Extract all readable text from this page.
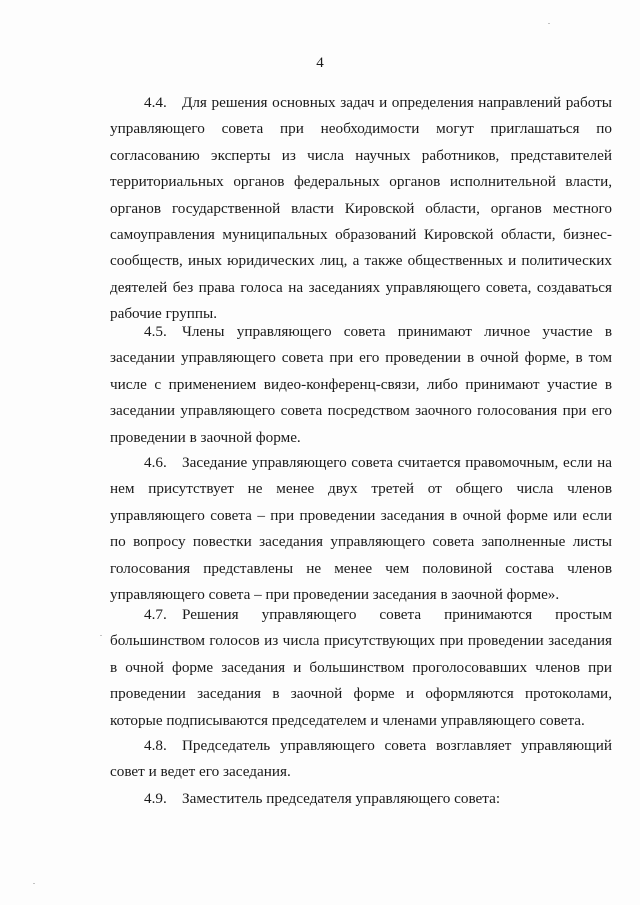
4

4.4. Для решения основных задач и определения направлений работы управляющего совета при необходимости могут приглашаться по согласованию эксперты из числа научных работников, представителей территориальных органов федеральных органов исполнительной власти, органов государственной власти Кировской области, органов местного самоуправления муниципальных образований Кировской области, бизнес-сообществ, иных юридических лиц, а также общественных и политических деятелей без права голоса на заседаниях управляющего совета, создаваться рабочие группы.

4.5. Члены управляющего совета принимают личное участие в заседании управляющего совета при его проведении в очной форме, в том числе с применением видео-конференц-связи, либо принимают участие в заседании управляющего совета посредством заочного голосования при его проведении в заочной форме.

4.6. Заседание управляющего совета считается правомочным, если на нем присутствует не менее двух третей от общего числа членов управляющего совета – при проведении заседания в очной форме или если по вопросу повестки заседания управляющего совета заполненные листы голосования представлены не менее чем половиной состава членов управляющего совета – при проведении заседания в заочной форме».

4.7. Решения управляющего совета принимаются простым большинством голосов из числа присутствующих при проведении заседания в очной форме заседания и большинством проголосовавших членов при проведении заседания в заочной форме и оформляются протоколами, которые подписываются председателем и членами управляющего совета.

4.8. Председатель управляющего совета возглавляет управляющий совет и ведет его заседания.

4.9. Заместитель председателя управляющего совета:
